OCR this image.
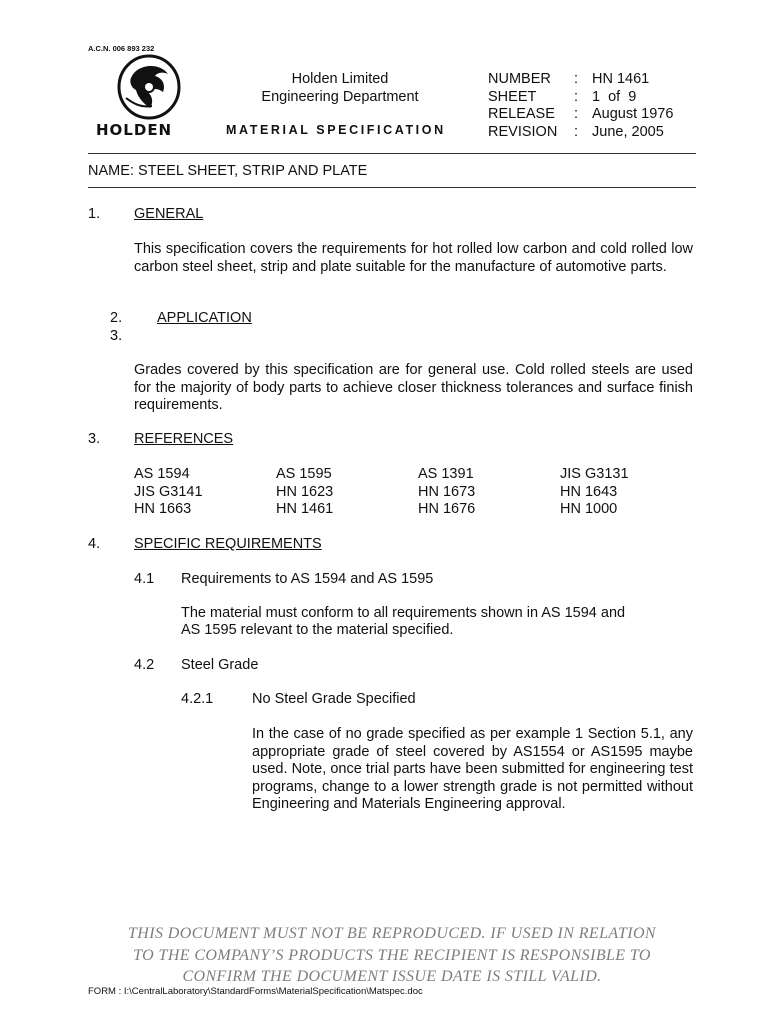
A.C.N. 006 893 232
HOLDEN
Holden Limited
Engineering Department
MATERIAL SPECIFICATION
NUMBER	: HN 1461
SHEET	: 1  of  9
RELEASE	: August 1976
REVISION	: June, 2005
NAME: STEEL SHEET, STRIP AND PLATE
1. GENERAL
This specification covers the requirements for hot rolled low carbon and cold rolled low carbon steel sheet, strip and plate suitable for the manufacture of automotive parts.
2. APPLICATION
3.
Grades covered by this specification are for general use. Cold rolled steels are used for the majority of body parts to achieve closer thickness tolerances and surface finish requirements.
3. REFERENCES
AS 1594	AS 1595	AS 1391	JIS G3131
JIS G3141	HN 1623	HN 1673	HN 1643
HN 1663	HN 1461	HN 1676	HN 1000
4. SPECIFIC REQUIREMENTS
4.1 Requirements to AS 1594 and AS 1595
The material must conform to all requirements shown in AS 1594 and
AS 1595 relevant to the material specified.
4.2 Steel Grade
4.2.1	No Steel Grade Specified
In the case of no grade specified as per example 1 Section 5.1, any appropriate grade of steel covered by AS1554 or AS1595 maybe used. Note, once trial parts have been submitted for engineering test programs, change to a lower strength grade is not permitted without Engineering and Materials Engineering approval.
THIS DOCUMENT MUST NOT BE REPRODUCED. IF USED IN RELATION
TO THE COMPANY’S PRODUCTS THE RECIPIENT IS RESPONSIBLE TO
CONFIRM THE DOCUMENT ISSUE DATE IS STILL VALID.
FORM : I:\CentralLaboratory\StandardForms\MaterialSpecification\Matspec.doc
